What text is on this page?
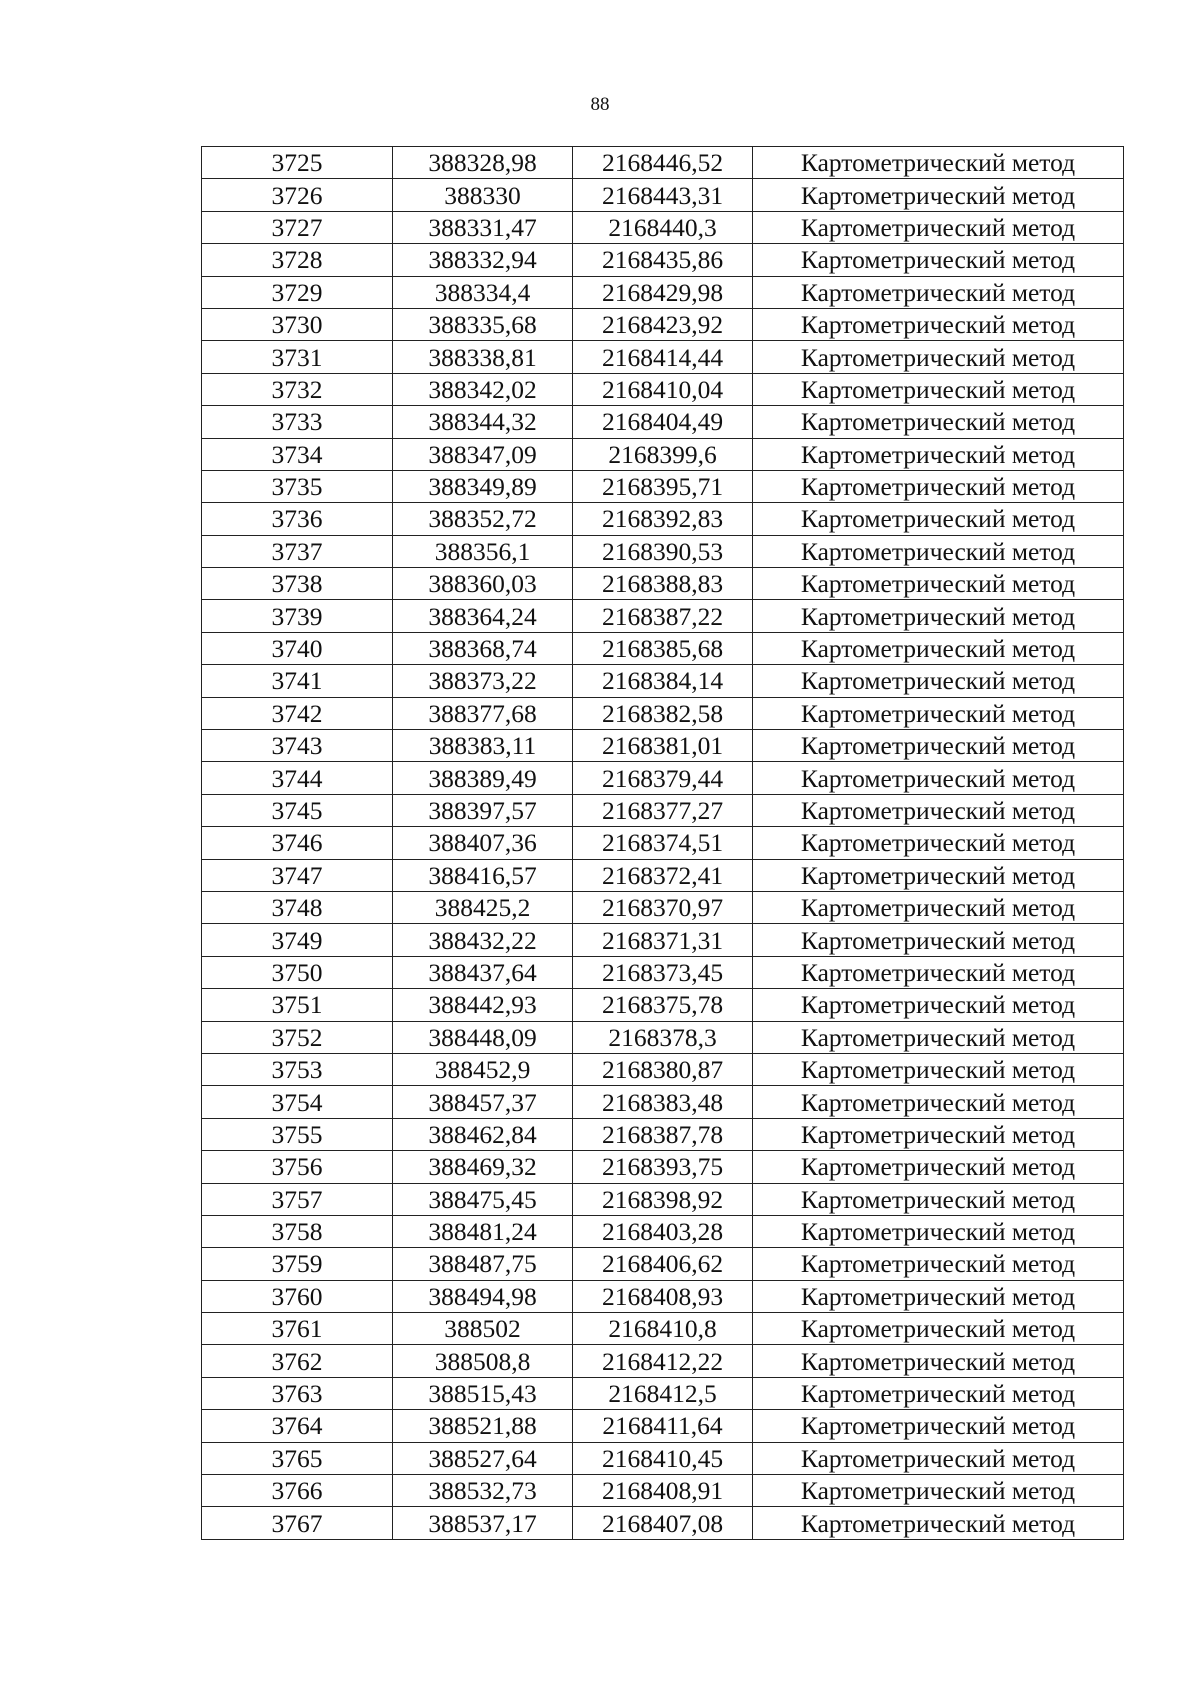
88
3725	388328,98	2168446,52	Картометрический метод
3726	388330	2168443,31	Картометрический метод
3727	388331,47	2168440,3	Картометрический метод
3728	388332,94	2168435,86	Картометрический метод
3729	388334,4	2168429,98	Картометрический метод
3730	388335,68	2168423,92	Картометрический метод
3731	388338,81	2168414,44	Картометрический метод
3732	388342,02	2168410,04	Картометрический метод
3733	388344,32	2168404,49	Картометрический метод
3734	388347,09	2168399,6	Картометрический метод
3735	388349,89	2168395,71	Картометрический метод
3736	388352,72	2168392,83	Картометрический метод
3737	388356,1	2168390,53	Картометрический метод
3738	388360,03	2168388,83	Картометрический метод
3739	388364,24	2168387,22	Картометрический метод
3740	388368,74	2168385,68	Картометрический метод
3741	388373,22	2168384,14	Картометрический метод
3742	388377,68	2168382,58	Картометрический метод
3743	388383,11	2168381,01	Картометрический метод
3744	388389,49	2168379,44	Картометрический метод
3745	388397,57	2168377,27	Картометрический метод
3746	388407,36	2168374,51	Картометрический метод
3747	388416,57	2168372,41	Картометрический метод
3748	388425,2	2168370,97	Картометрический метод
3749	388432,22	2168371,31	Картометрический метод
3750	388437,64	2168373,45	Картометрический метод
3751	388442,93	2168375,78	Картометрический метод
3752	388448,09	2168378,3	Картометрический метод
3753	388452,9	2168380,87	Картометрический метод
3754	388457,37	2168383,48	Картометрический метод
3755	388462,84	2168387,78	Картометрический метод
3756	388469,32	2168393,75	Картометрический метод
3757	388475,45	2168398,92	Картометрический метод
3758	388481,24	2168403,28	Картометрический метод
3759	388487,75	2168406,62	Картометрический метод
3760	388494,98	2168408,93	Картометрический метод
3761	388502	2168410,8	Картометрический метод
3762	388508,8	2168412,22	Картометрический метод
3763	388515,43	2168412,5	Картометрический метод
3764	388521,88	2168411,64	Картометрический метод
3765	388527,64	2168410,45	Картометрический метод
3766	388532,73	2168408,91	Картометрический метод
3767	388537,17	2168407,08	Картометрический метод
